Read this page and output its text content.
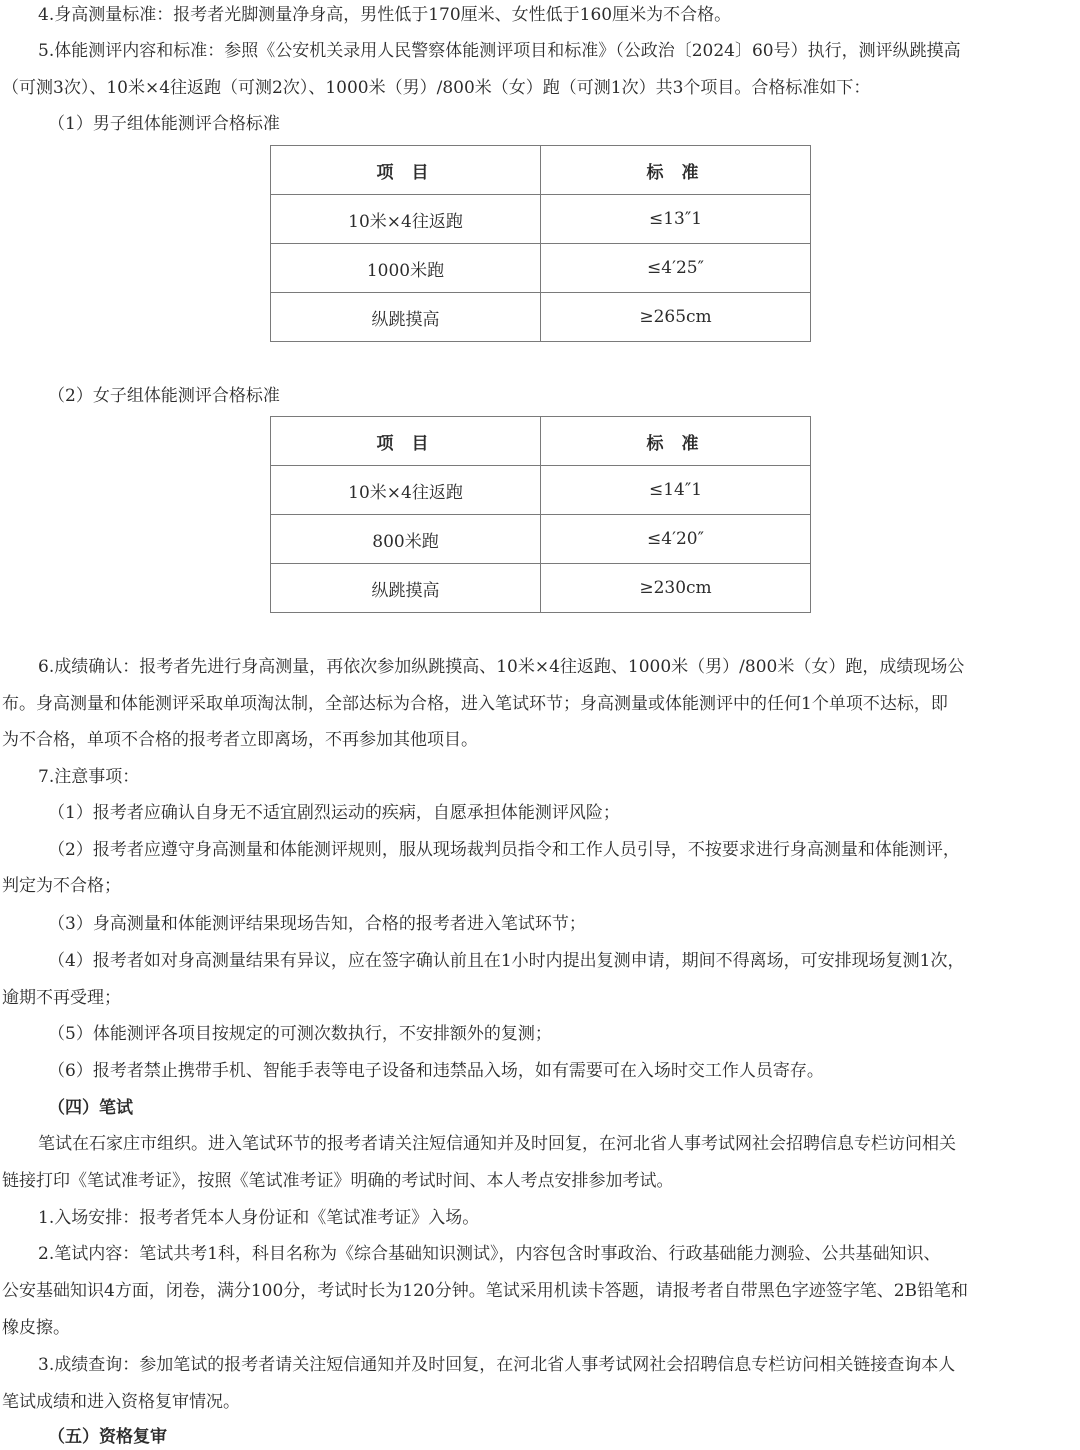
4.身高测量标准：报考者光脚测量净身高，男性低于170厘米、女性低于160厘米为不合格。
5.体能测评内容和标准：参照《公安机关录用人民警察体能测评项目和标准》（公政治〔2024〕60号）执行，测评纵跳摸高
（可测3次）、10米×4往返跑（可测2次）、1000米（男）/800米（女）跑（可测1次）共3个项目。合格标准如下：
（1）男子组体能测评合格标准
项 目	标 准
10米×4往返跑	≤13″1
1000米跑	≤4′25″
纵跳摸高	≥265cm
（2）女子组体能测评合格标准
项 目	标 准
10米×4往返跑	≤14″1
800米跑	≤4′20″
纵跳摸高	≥230cm
6.成绩确认：报考者先进行身高测量，再依次参加纵跳摸高、10米×4往返跑、1000米（男）/800米（女）跑，成绩现场公
布。身高测量和体能测评采取单项淘汰制，全部达标为合格，进入笔试环节；身高测量或体能测评中的任何1个单项不达标，即
为不合格，单项不合格的报考者立即离场，不再参加其他项目。
7.注意事项：
（1）报考者应确认自身无不适宜剧烈运动的疾病，自愿承担体能测评风险；
（2）报考者应遵守身高测量和体能测评规则，服从现场裁判员指令和工作人员引导，不按要求进行身高测量和体能测评，
判定为不合格；
（3）身高测量和体能测评结果现场告知，合格的报考者进入笔试环节；
（4）报考者如对身高测量结果有异议，应在签字确认前且在1小时内提出复测申请，期间不得离场，可安排现场复测1次，
逾期不再受理；
（5）体能测评各项目按规定的可测次数执行，不安排额外的复测；
（6）报考者禁止携带手机、智能手表等电子设备和违禁品入场，如有需要可在入场时交工作人员寄存。
（四）笔试
笔试在石家庄市组织。进入笔试环节的报考者请关注短信通知并及时回复，在河北省人事考试网社会招聘信息专栏访问相关
链接打印《笔试准考证》，按照《笔试准考证》明确的考试时间、本人考点安排参加考试。
1.入场安排：报考者凭本人身份证和《笔试准考证》入场。
2.笔试内容：笔试共考1科，科目名称为《综合基础知识测试》，内容包含时事政治、行政基础能力测验、公共基础知识、
公安基础知识4方面，闭卷，满分100分，考试时长为120分钟。笔试采用机读卡答题，请报考者自带黑色字迹签字笔、2B铅笔和
橡皮擦。
3.成绩查询：参加笔试的报考者请关注短信通知并及时回复，在河北省人事考试网社会招聘信息专栏访问相关链接查询本人
笔试成绩和进入资格复审情况。
（五）资格复审
